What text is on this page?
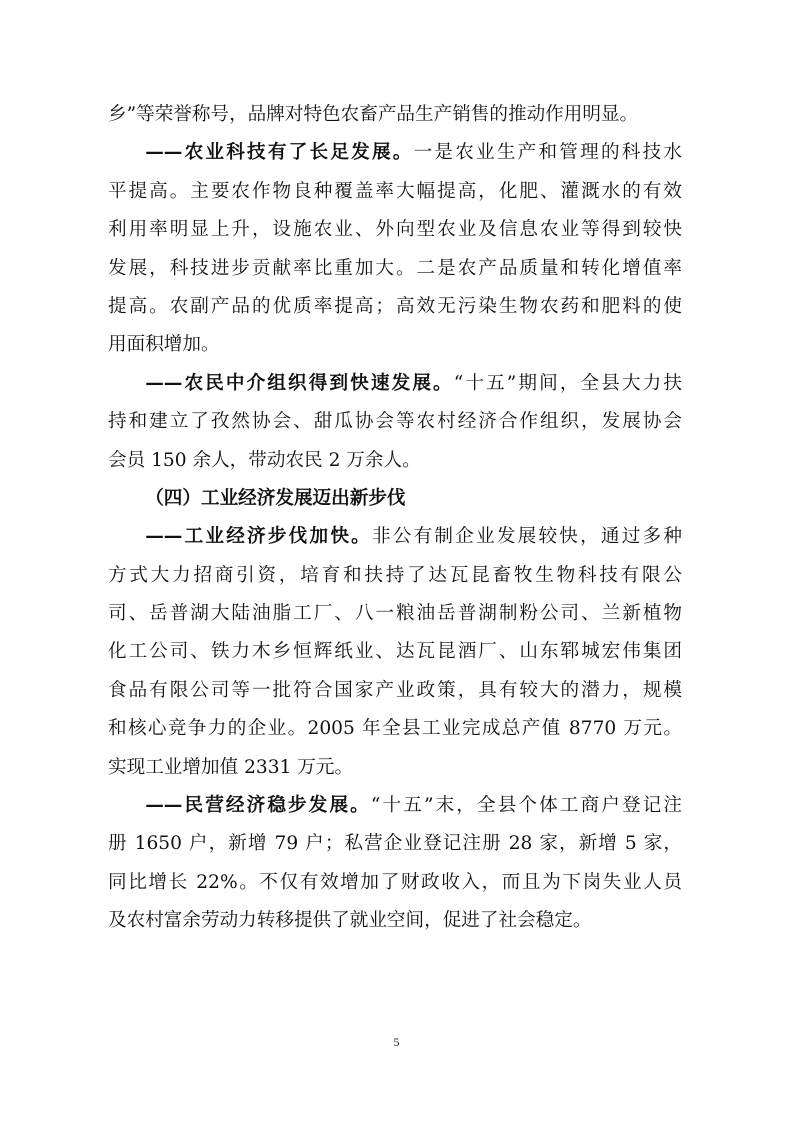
乡”等荣誉称号，品牌对特色农畜产品生产销售的推动作用明显。
——农业科技有了长足发展。一是农业生产和管理的科技水
平提高。主要农作物良种覆盖率大幅提高，化肥、灌溉水的有效
利用率明显上升，设施农业、外向型农业及信息农业等得到较快
发展，科技进步贡献率比重加大。二是农产品质量和转化增值率
提高。农副产品的优质率提高；高效无污染生物农药和肥料的使
用面积增加。
——农民中介组织得到快速发展。“十五”期间，全县大力扶
持和建立了孜然协会、甜瓜协会等农村经济合作组织，发展协会
会员 150 余人，带动农民 2 万余人。
（四）工业经济发展迈出新步伐
——工业经济步伐加快。非公有制企业发展较快，通过多种
方式大力招商引资，培育和扶持了达瓦昆畜牧生物科技有限公
司、岳普湖大陆油脂工厂、八一粮油岳普湖制粉公司、兰新植物
化工公司、铁力木乡恒辉纸业、达瓦昆酒厂、山东郓城宏伟集团
食品有限公司等一批符合国家产业政策，具有较大的潜力，规模
和核心竞争力的企业。2005 年全县工业完成总产值 8770 万元。
实现工业增加值 2331 万元。
——民营经济稳步发展。“十五”末，全县个体工商户登记注
册 1650 户，新增 79 户；私营企业登记注册 28 家，新增 5 家，
同比增长 22%。不仅有效增加了财政收入，而且为下岗失业人员
及农村富余劳动力转移提供了就业空间，促进了社会稳定。
5
